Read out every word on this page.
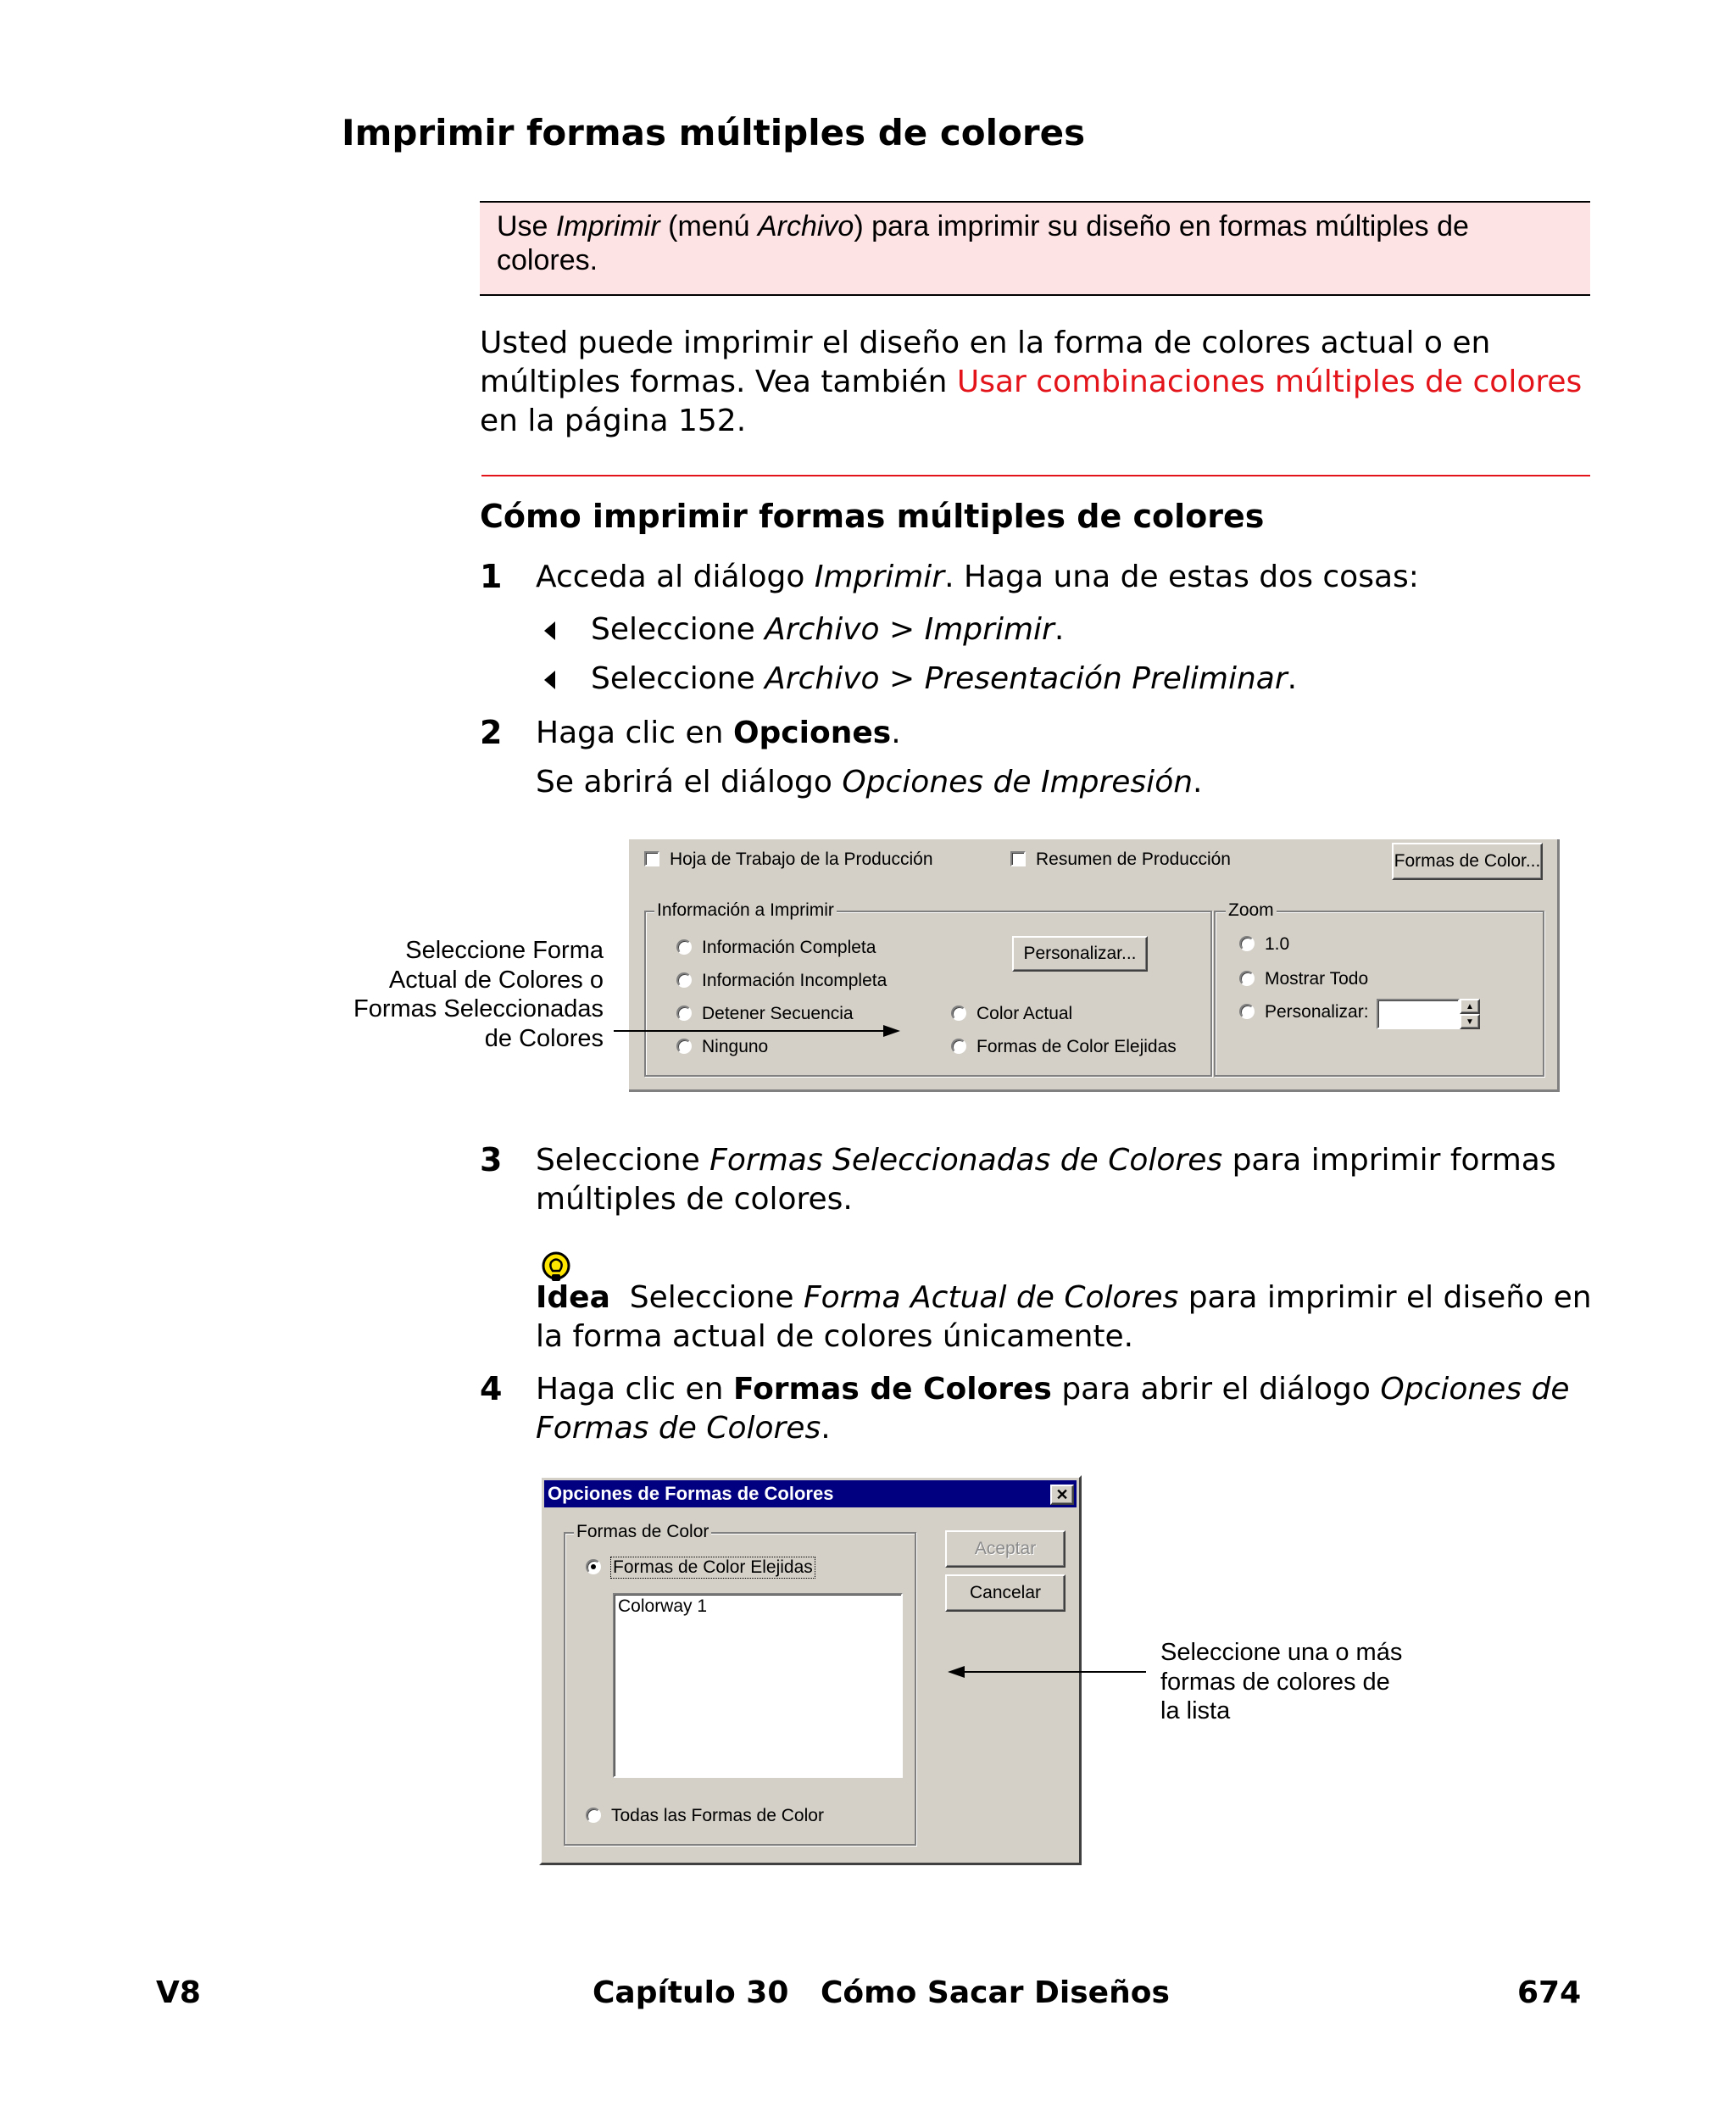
Imprimir formas múltiples de colores
Use Imprimir (menú Archivo) para imprimir su diseño en formas múltiples de colores.
Usted puede imprimir el diseño en la forma de colores actual o en múltiples formas. Vea también Usar combinaciones múltiples de colores en la página 152.
Cómo imprimir formas múltiples de colores
1 Acceda al diálogo Imprimir. Haga una de estas dos cosas:
Seleccione Archivo > Imprimir.
Seleccione Archivo > Presentación Preliminar.
2 Haga clic en Opciones.
Se abrirá el diálogo Opciones de Impresión.
Hoja de Trabajo de la Producción	Resumen de Producción	Formas de Color...
Información a Imprimir
Información Completa
Información Incompleta
Detener Secuencia
Ninguno
Personalizar...
Color Actual
Formas de Color Elejidas
Zoom
1.0
Mostrar Todo
Personalizar:	▲
▼
Seleccione Forma Actual de Colores o Formas Seleccionadas de Colores
3 Seleccione Formas Seleccionadas de Colores para imprimir formas múltiples de colores.
Idea  Seleccione Forma Actual de Colores para imprimir el diseño en la forma actual de colores únicamente.
4 Haga clic en Formas de Colores para abrir el diálogo Opciones de Formas de Colores.
Opciones de Formas de Colores	✕
Formas de Color
Formas de Color Elejidas
Colorway 1
Todas las Formas de Color
Aceptar
Cancelar
Seleccione una o más formas de colores de la lista
V8	Capítulo 30   Cómo Sacar Diseños	674
